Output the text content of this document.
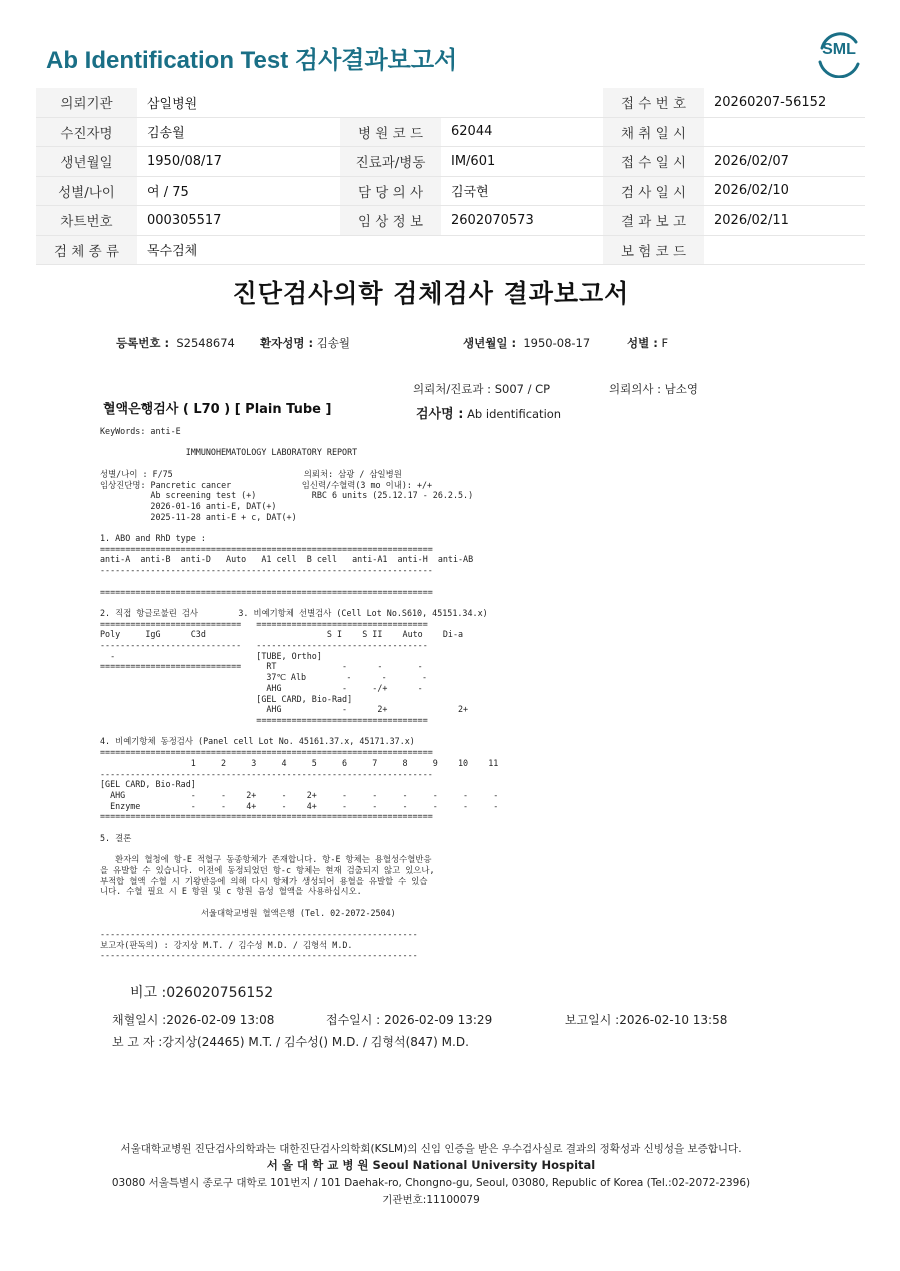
Ab Identification Test 검사결과보고서	SML
의뢰기관	삼일병원			접 수 번 호	20260207-56152
수진자명	김송월	병 원 코 드	62044	채 취 일 시	
생년월일	1950/08/17	진료과/병동	IM/601	접 수 일 시	2026/02/07
성별/나이	여 / 75	담 당 의 사	김국현	검 사 일 시	2026/02/10
차트번호	000305517	임 상 정 보	2602070573	결 과 보 고	2026/02/11
검 체 종 류	목수검체			보 험 코 드	
진단검사의학 검체검사 결과보고서
등록번호 : S2548674 환자성명 : 김송월	생년월일 : 1950-08-17	성별 : F
의뢰처/진료과 : S007 / CP	의뢰의사 : 남소영
혈액은행검사 ( L70 ) [ Plain Tube ]	검사명 : Ab identification
KeyWords: anti-E

IMMUNOHEMATOLOGY LABORATORY REPORT

성별/나이 : F/75                          의뢰처: 삼광 / 삼일병원
임상진단명: Pancretic cancer              임신력/수혈력(3 mo 이내): +/+
Ab screening test (+)           RBC 6 units (25.12.17 - 26.2.5.)
2026-01-16 anti-E, DAT(+)
2025-11-28 anti-E + c, DAT(+)

1. ABO and RhD type :
==================================================================
anti-A  anti-B  anti-D   Auto   A1 cell  B cell   anti-A1  anti-H  anti-AB
------------------------------------------------------------------

==================================================================

2. 직접 항글로불린 검사        3. 비예기항체 선별검사 (Cell Lot No.S610, 45151.34.x)
============================   ==================================
Poly     IgG      C3d                        S I    S II    Auto    Di-a
----------------------------   ----------------------------------
-                            [TUBE, Ortho]
============================     RT             -      -       -
37℃ Alb        -      -       -
AHG            -     -/+      -
[GEL CARD, Bio-Rad]
AHG            -      2+              2+
==================================

4. 비예기항체 동정검사 (Panel cell Lot No. 45161.37.x, 45171.37.x)
==================================================================
1     2     3     4     5     6     7     8     9    10    11
------------------------------------------------------------------
[GEL CARD, Bio-Rad]
AHG             -     -    2+     -    2+     -     -     -     -     -     -
Enzyme          -     -    4+     -    4+     -     -     -     -     -     -
==================================================================

5. 결론

환자의 혈청에 항-E 적혈구 동종항체가 존재합니다. 항-E 항체는 용혈성수혈반응
을 유발할 수 있습니다. 이전에 동정되었던 항-c 항체는 현재 검출되지 않고 있으나,
부적합 혈액 수혈 시 기왕반응에 의해 다시 항체가 생성되어 용혈을 유발할 수 있습
니다. 수혈 필요 시 E 항원 및 c 항원 음성 혈액을 사용하십시오.

서울대학교병원 혈액은행 (Tel. 02-2072-2504)

---------------------------------------------------------------
보고자(판독의) : 강지상 M.T. / 김수성 M.D. / 김형석 M.D.
---------------------------------------------------------------
비고 :026020756152
채혈일시 :2026-02-09 13:08	접수일시 : 2026-02-09 13:29	보고일시 :2026-02-10 13:58
보 고 자 :강지상(24465) M.T. / 김수성() M.D. / 김형석(847) M.D.
서울대학교병원 진단검사의학과는 대한진단검사의학회(KSLM)의 신임 인증을 받은 우수검사실로 결과의 정확성과 신빙성을 보증합니다.
서 울 대 학 교 병 원 Seoul National University Hospital
03080 서울특별시 종로구 대학로 101번지 / 101 Daehak-ro, Chongno-gu, Seoul, 03080, Republic of Korea (Tel.:02-2072-2396)
기관번호:11100079
